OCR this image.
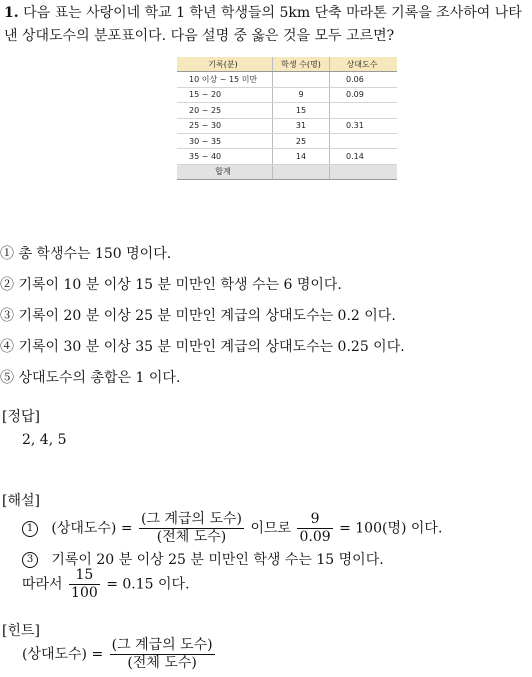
1. 다음 표는 사랑이네 학교 1 학년 학생들의 5km 단축 마라톤 기록을 조사하여 나타낸 상대도수의 분포표이다. 다음 설명 중 옳은 것을 모두 고르면?
기록(분)	학생 수(명)	상대도수
10 이상 ~ 15 미만		0.06
15 ~ 20	9	0.09
20 ~ 25	15	
25 ~ 30	31	0.31
30 ~ 35	25	
35 ~ 40	14	0.14
합계		
① 총 학생수는 150 명이다.
② 기록이 10 분 이상 15 분 미만인 학생 수는 6 명이다.
③ 기록이 20 분 이상 25 분 미만인 계급의 상대도수는 0.2 이다.
④ 기록이 30 분 이상 35 분 미만인 계급의 상대도수는 0.25 이다.
⑤ 상대도수의 총합은 1 이다.
[정답]
2, 4, 5
[해설]
1 (상대도수) = $\frac{\text{(그 계급의 도수)}}{\text{(전체 도수)}}$ 이므로 $\frac{9}{0.09} = 100$(명) 이다.
3 기록이 20 분 이상 25 분 미만인 학생 수는 15 명이다.
따라서 $\frac{15}{100} = 0.15$ 이다.
[힌트]
(상대도수) = $\frac{\text{(그 계급의 도수)}}{\text{(전체 도수)}}$
